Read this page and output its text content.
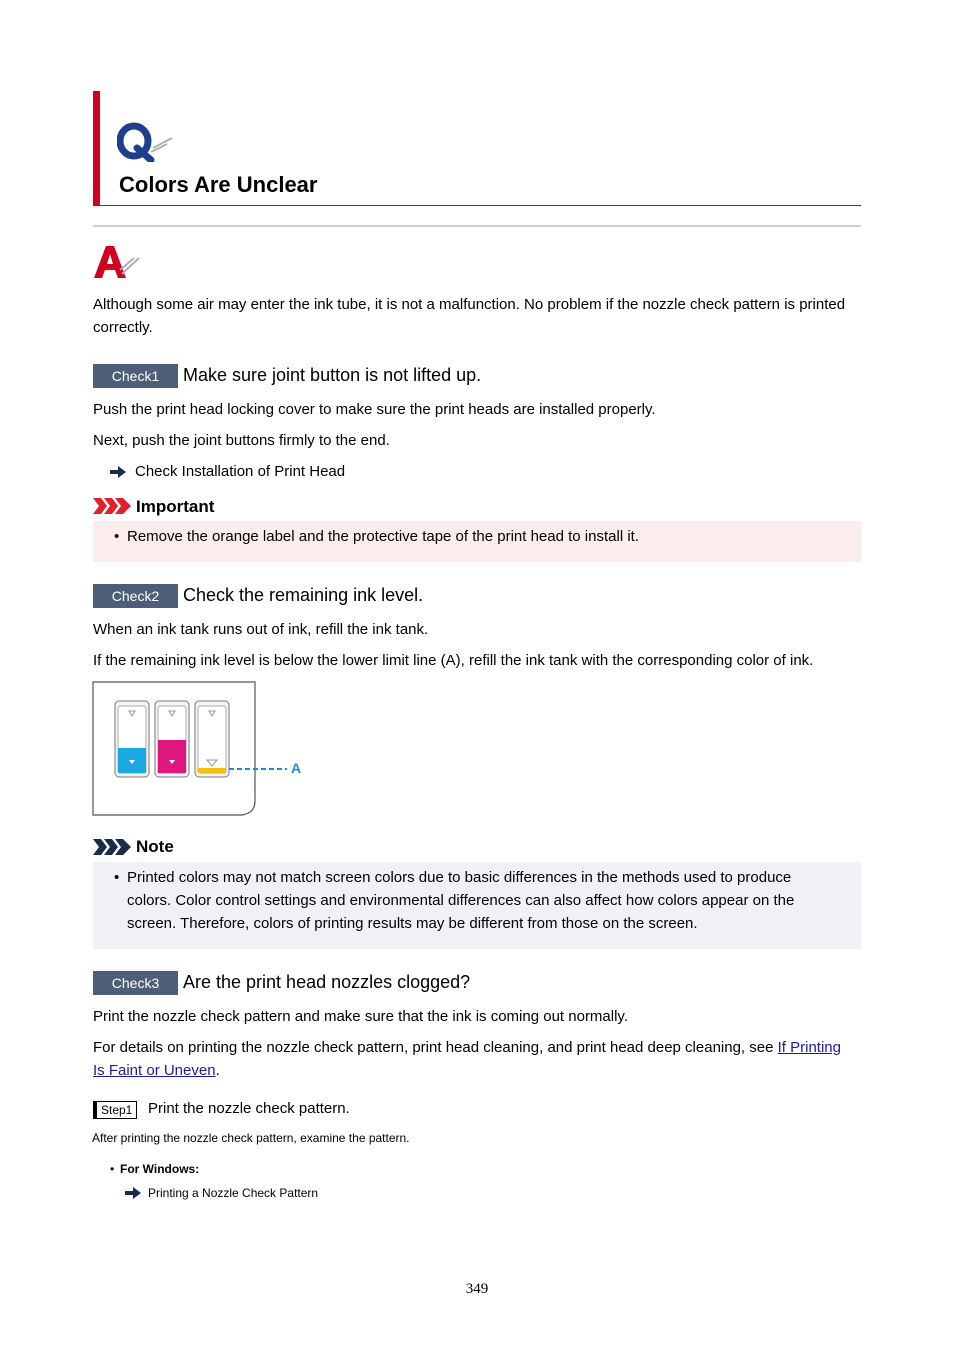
Colors Are Unclear
Although some air may enter the ink tube, it is not a malfunction. No problem if the nozzle check pattern is printed correctly.
Check1	Make sure joint button is not lifted up.
Push the print head locking cover to make sure the print heads are installed properly.
Next, push the joint buttons firmly to the end.
Check Installation of Print Head
Important
• Remove the orange label and the protective tape of the print head to install it.
Check2	Check the remaining ink level.
When an ink tank runs out of ink, refill the ink tank.
If the remaining ink level is below the lower limit line (A), refill the ink tank with the corresponding color of ink.
A
Note
• Printed colors may not match screen colors due to basic differences in the methods used to produce
colors. Color control settings and environmental differences can also affect how colors appear on the
screen. Therefore, colors of printing results may be different from those on the screen.
Check3	Are the print head nozzles clogged?
Print the nozzle check pattern and make sure that the ink is coming out normally.
For details on printing the nozzle check pattern, print head cleaning, and print head deep cleaning, see If Printing
Is Faint or Uneven.
Step1	Print the nozzle check pattern.
After printing the nozzle check pattern, examine the pattern.
• For Windows:
Printing a Nozzle Check Pattern
349
